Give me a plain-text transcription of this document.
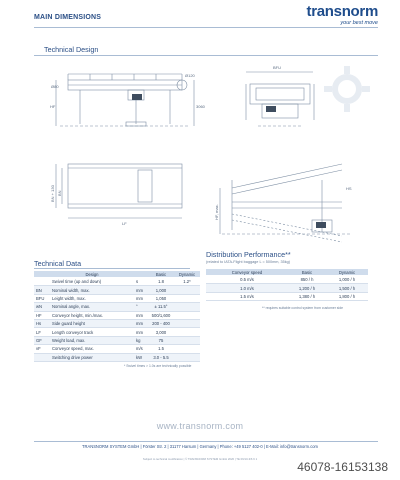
MAIN DIMENSIONS	transnorm
your best move
Technical Design
Ø120
Ø80
HF	3060
BFU
BN + 130 BN
LF
HF, max.
HS
Technical Data
	Design		Basic	Dynamic
	Swivel time (up and down)	s	1.8	1.2*
BN	Nominal width, max.	mm	1,000	
BFU	Leight width, max.	mm	1,050	
wN	Nominal angle, max.	°	± 11.5°	
HF	Conveyor height, min./max.	mm	500/1,600	
Hs	Side guard height	mm	200 - 400	
LF	Length conveyor track	mm	3,000	
GF	Weight load, max.	kg	75	
vF	Conveyor speed, max.	m/s	1.5	
	Switching drive power	kW	3.0 - 5.5	
* Swivel times > 1.0s are technically possible
Distribution Performance**
(related to IATA-Flight baggage L = 500mm, 35kg)
Conveyor speed	Basic	Dynamic
0.5 m/s	850 / h	1,000 / h
1.0 m/s	1,200 / h	1,500 / h
1.5 m/s	1,380 / h	1,800 / h
** requires suitable control system from customer side
www.transnorm.com
TRANSNORM SYSTEM GmbH | Förster Str. 2 | 31177 Harsum | Germany | Phone: +49 5127 402-0 | E-Mail: info@transnorm.com
Subject to technical modification | © TRANSNORM SYSTEM GmbH 2020 | TE 06/10-3/6 6 1
46078-16153138
